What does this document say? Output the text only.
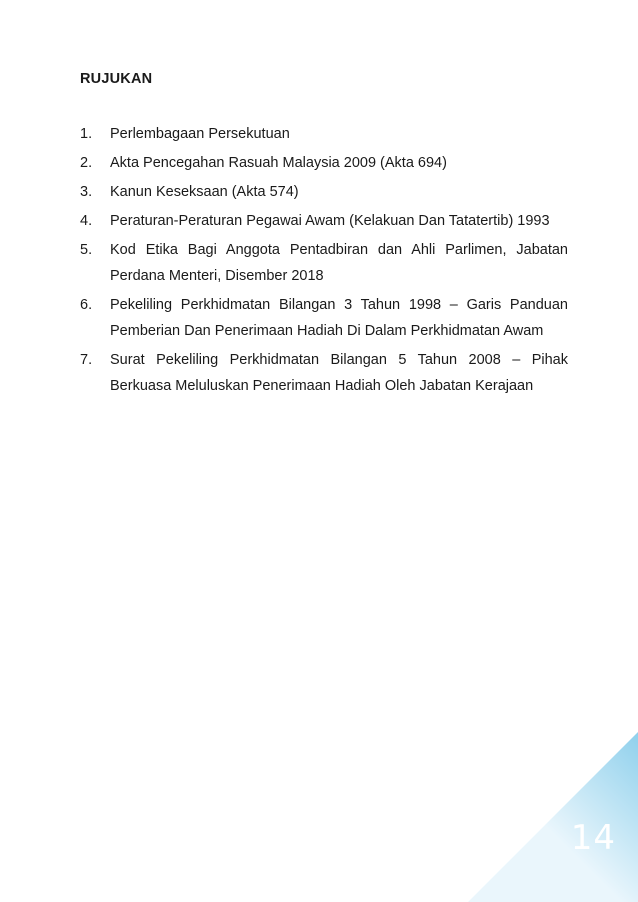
RUJUKAN
1.	Perlembagaan Persekutuan
2.	Akta Pencegahan Rasuah Malaysia 2009 (Akta 694)
3.	Kanun Keseksaan (Akta 574)
4.	Peraturan-Peraturan Pegawai Awam (Kelakuan Dan Tatatertib) 1993
5.	Kod Etika Bagi Anggota Pentadbiran dan Ahli Parlimen, Jabatan Perdana Menteri, Disember 2018
6.	Pekeliling Perkhidmatan Bilangan 3 Tahun 1998 – Garis Panduan Pemberian Dan Penerimaan Hadiah Di Dalam Perkhidmatan Awam
7.	Surat Pekeliling Perkhidmatan Bilangan 5 Tahun 2008 – Pihak Berkuasa Meluluskan Penerimaan Hadiah Oleh Jabatan Kerajaan
14
